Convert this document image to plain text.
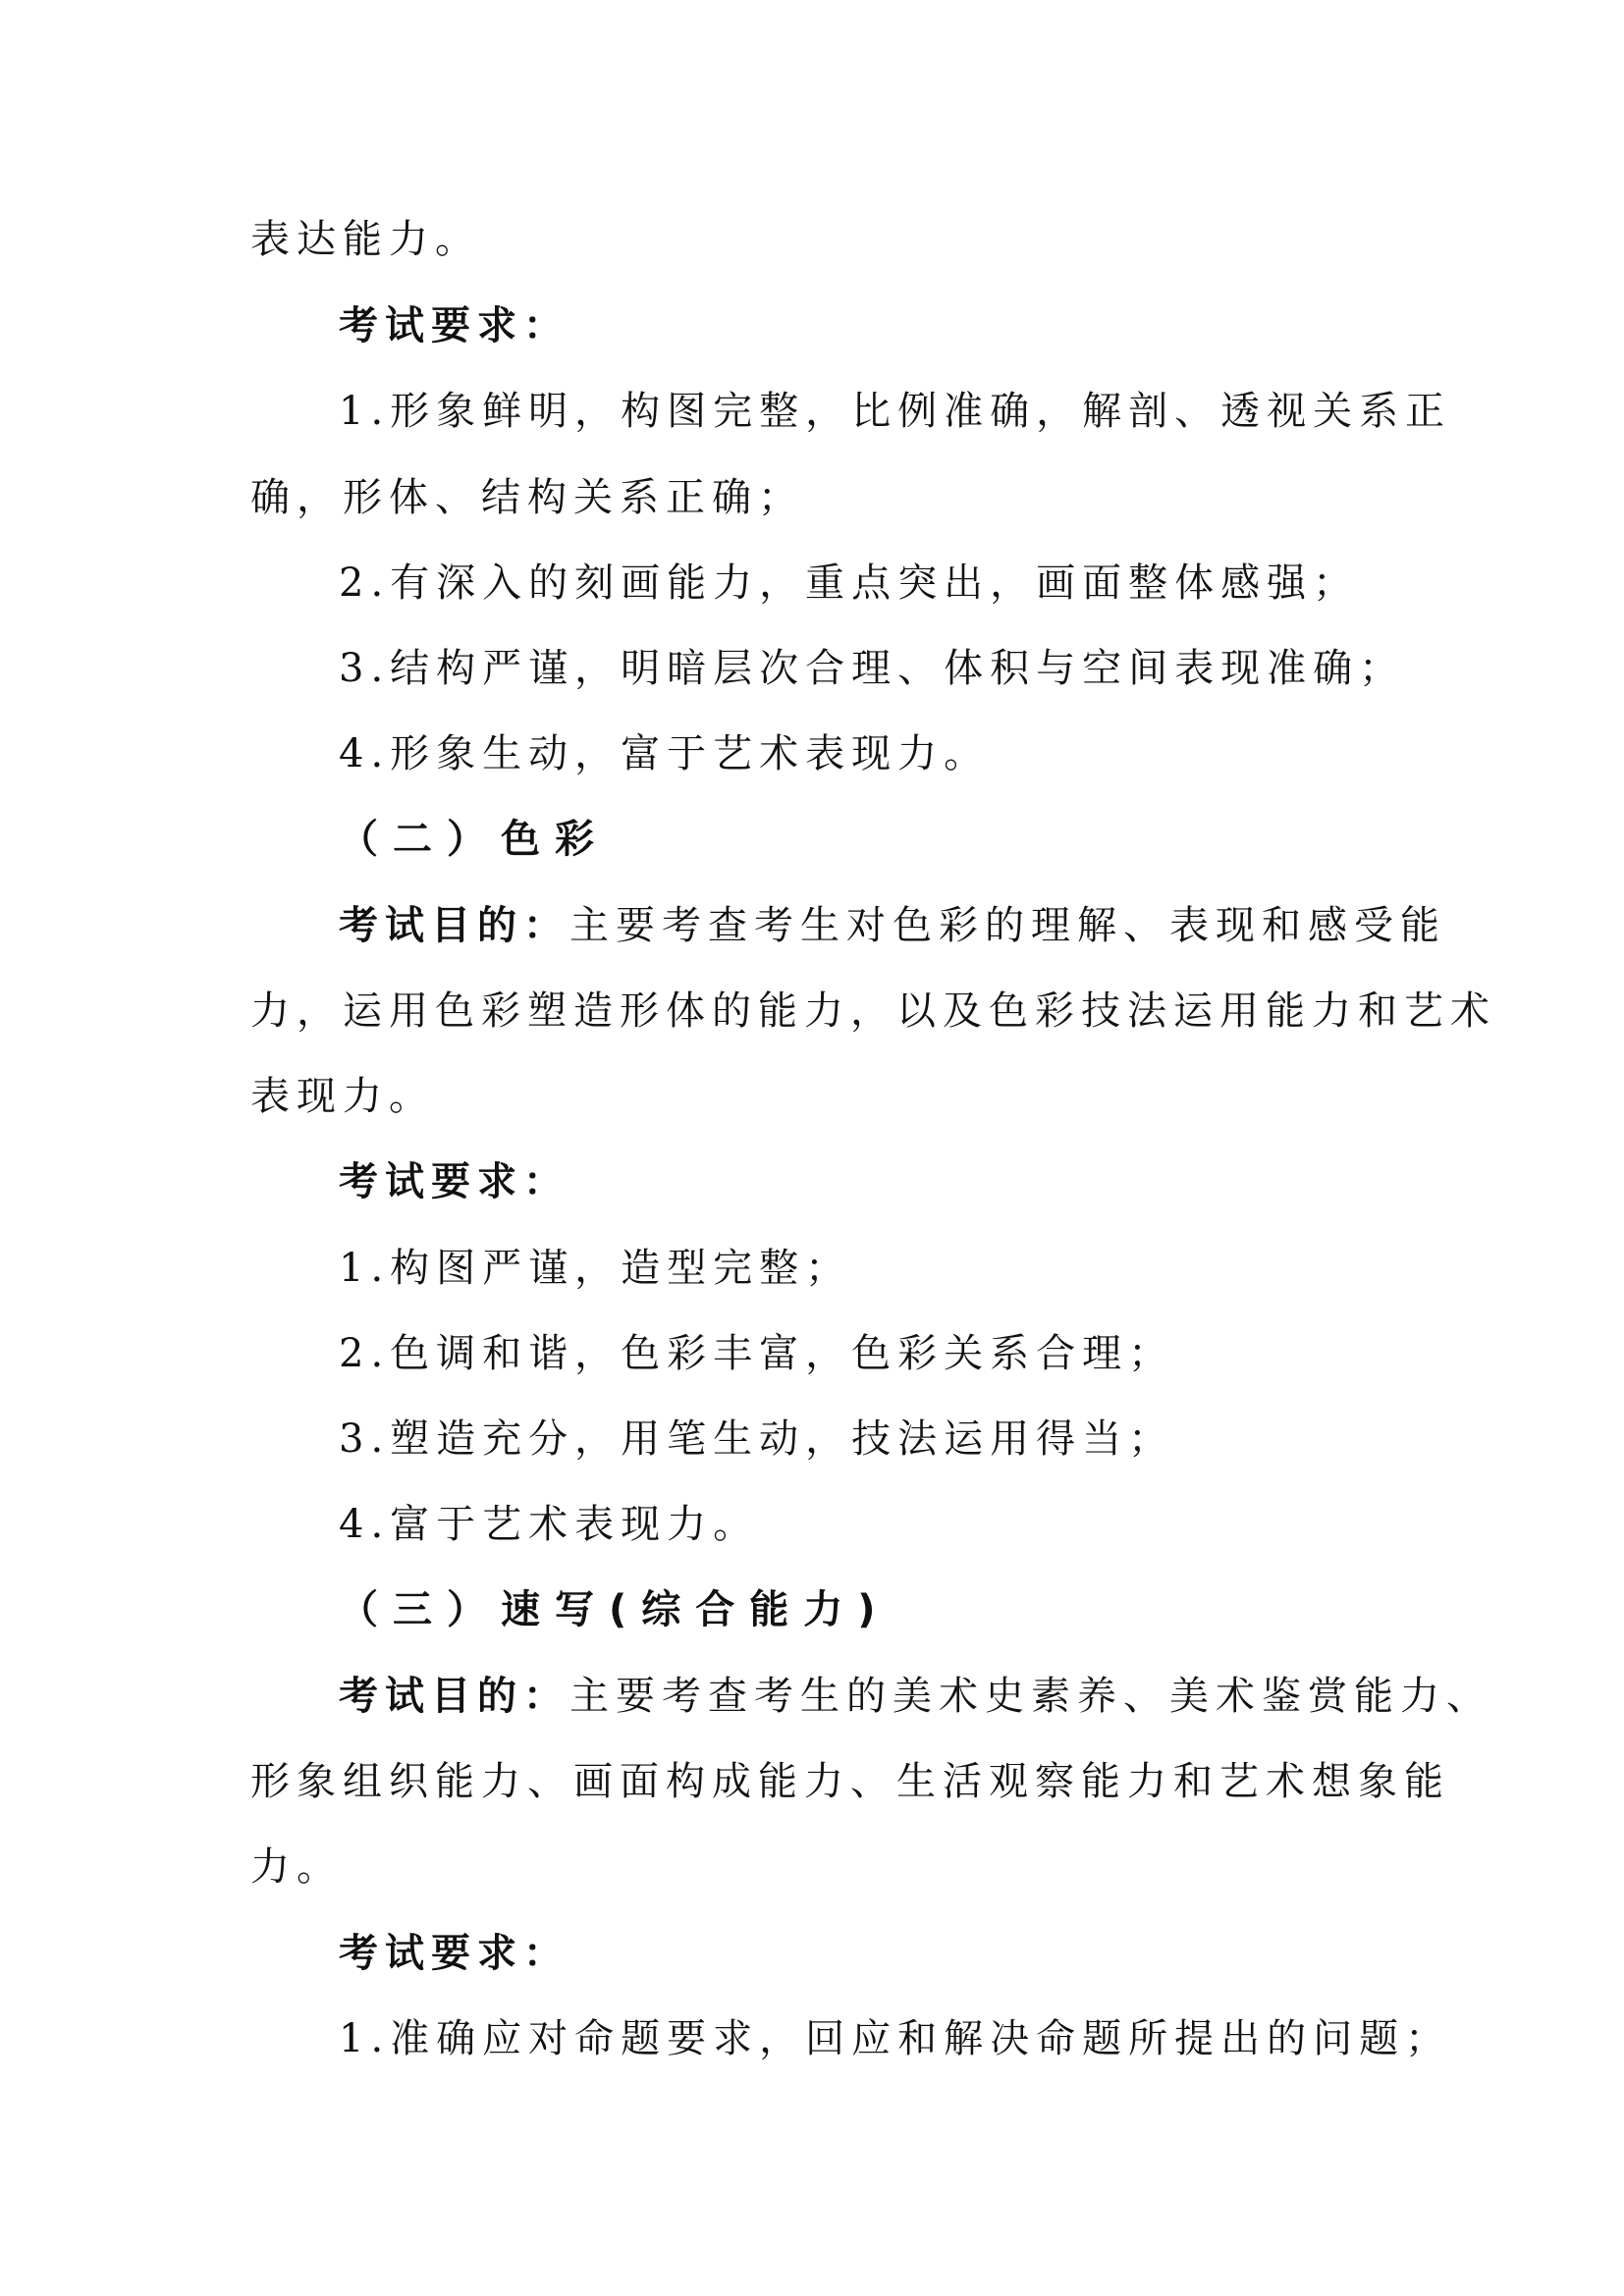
表达能力。
考试要求：
1.形象鲜明，构图完整，比例准确，解剖、透视关系正
确，形体、结构关系正确；
2.有深入的刻画能力，重点突出，画面整体感强；
3.结构严谨，明暗层次合理、体积与空间表现准确；
4.形象生动，富于艺术表现力。
（二）色彩
考试目的：主要考查考生对色彩的理解、表现和感受能
力，运用色彩塑造形体的能力，以及色彩技法运用能力和艺术
表现力。
考试要求：
1.构图严谨，造型完整；
2.色调和谐，色彩丰富，色彩关系合理；
3.塑造充分，用笔生动，技法运用得当；
4.富于艺术表现力。
（三）速写(综合能力)
考试目的：主要考查考生的美术史素养、美术鉴赏能力、
形象组织能力、画面构成能力、生活观察能力和艺术想象能
力。
考试要求：
1.准确应对命题要求，回应和解决命题所提出的问题；
